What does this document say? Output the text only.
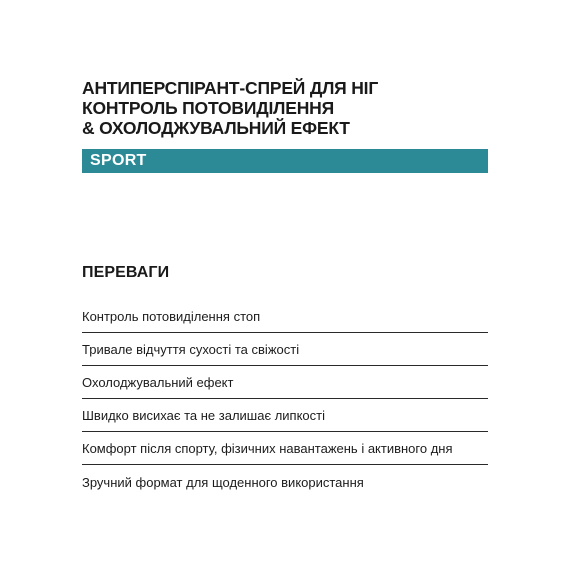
АНТИПЕРСПІРАНТ-СПРЕЙ ДЛЯ НІГ
КОНТРОЛЬ ПОТОВИДІЛЕННЯ
& ОХОЛОДЖУВАЛЬНИЙ ЕФЕКТ
SPORT
ПЕРЕВАГИ
Контроль потовиділення стоп
Тривале відчуття сухості та свіжості
Охолоджувальний ефект
Швидко висихає та не залишає липкості
Комфорт після спорту, фізичних навантажень і активного дня
Зручний формат для щоденного використання
